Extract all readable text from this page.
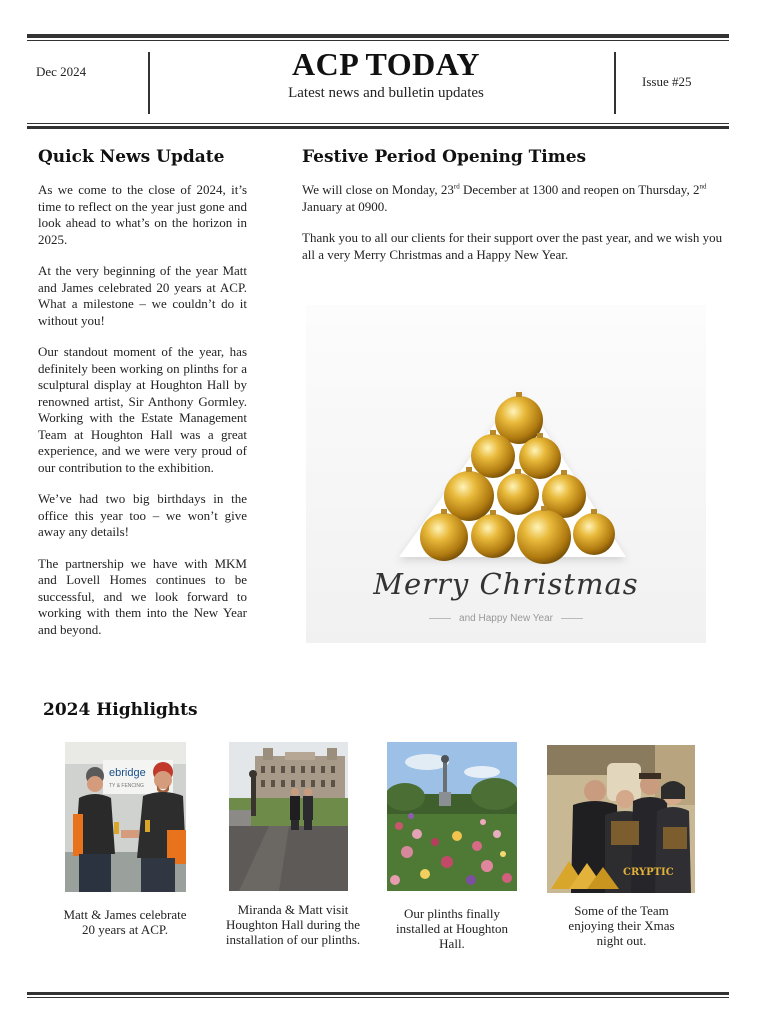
Dec 2024	ACP TODAY
Latest news and bulletin updates
Issue #25
Quick News Update

As we come to the close of 2024, it’s time to reflect on the year just gone and look ahead to what’s on the horizon in 2025.

At the very beginning of the year Matt and James celebrated 20 years at ACP. What a milestone – we couldn’t do it without you!

Our standout moment of the year, has definitely been working on plinths for a sculptural display at Houghton Hall by renowned artist, Sir Anthony Gormley. Working with the Estate Management Team at Houghton Hall was a great experience, and we were very proud of our contribution to the exhibition.

We’ve had two big birthdays in the office this year too – we won’t give away any details!

The partnership we have with MKM and Lovell Homes continues to be successful, and we look forward to working with them into the New Year and beyond.

Festive Period Opening Times

We will close on Monday, 23rd December at 1300 and reopen on Thursday, 2nd January at 0900.

Thank you to all our clients for their support over the past year, and we wish you all a very Merry Christmas and a Happy New Year.

Merry Christmas
and Happy New Year
2024 Highlights
ebridge
TY & FENCING
Matt & James celebrate 20 years at ACP.
Miranda & Matt visit Houghton Hall during the installation of our plinths.
Our plinths finally installed at Houghton Hall.
CRYPTIC
Some of the Team enjoying their Xmas night out.
